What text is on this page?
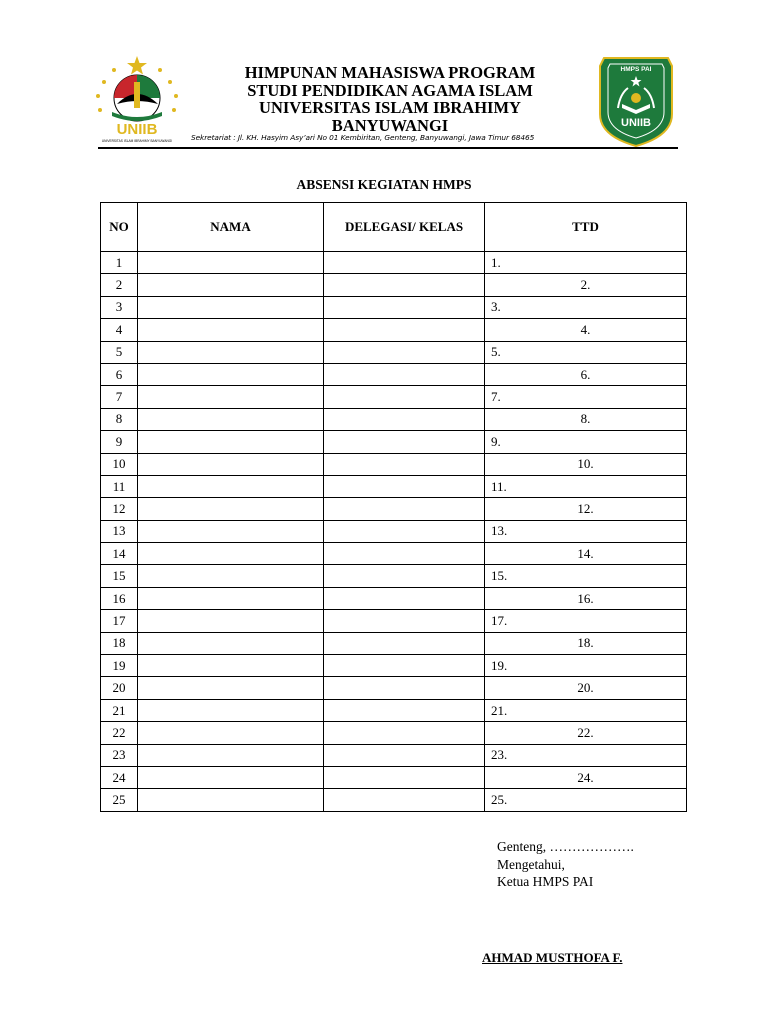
UNIIB
UNIVERSITAS ISLAM IBRAHIMY BANYUWANGI
HMPS PAI
UNIIB
HIMPUNAN MAHASISWA PROGRAM
STUDI PENDIDIKAN AGAMA ISLAM
UNIVERSITAS ISLAM IBRAHIMY
BANYUWANGI
Sekretariat : Jl. KH. Hasyim Asy’ari No 01 Kembiritan, Genteng, Banyuwangi, Jawa Timur 68465
ABSENSI KEGIATAN HMPS
NO	NAMA	DELEGASI/ KELAS	TTD
1			1.
2			2.
3			3.
4			4.
5			5.
6			6.
7			7.
8			8.
9			9.
10			10.
11			11.
12			12.
13			13.
14			14.
15			15.
16			16.
17			17.
18			18.
19			19.
20			20.
21			21.
22			22.
23			23.
24			24.
25			25.
Genteng, ……………….
Mengetahui,
Ketua HMPS PAI
AHMAD MUSTHOFA F.
